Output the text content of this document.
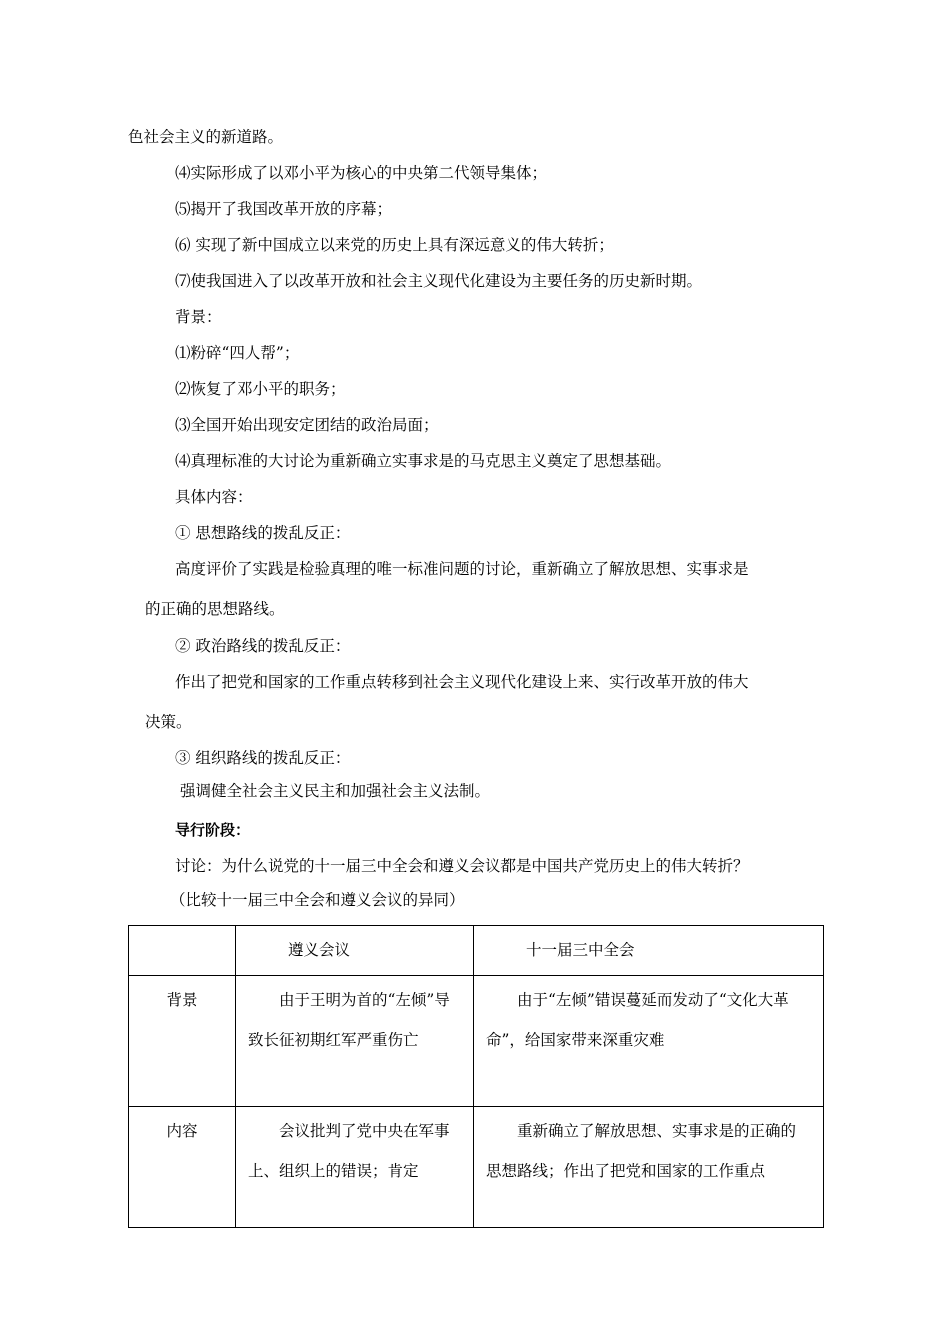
色社会主义的新道路。
⑷实际形成了以邓小平为核心的中央第二代领导集体；
⑸揭开了我国改革开放的序幕；
⑹ 实现了新中国成立以来党的历史上具有深远意义的伟大转折；
⑺使我国进入了以改革开放和社会主义现代化建设为主要任务的历史新时期。
背景：
⑴粉碎“四人帮”；
⑵恢复了邓小平的职务；
⑶全国开始出现安定团结的政治局面；
⑷真理标准的大讨论为重新确立实事求是的马克思主义奠定了思想基础。
具体内容：
① 思想路线的拨乱反正：
高度评价了实践是检验真理的唯一标准问题的讨论，重新确立了解放思想、实事求是
的正确的思想路线。
② 政治路线的拨乱反正：
作出了把党和国家的工作重点转移到社会主义现代化建设上来、实行改革开放的伟大
决策。
③ 组织路线的拨乱反正：
强调健全社会主义民主和加强社会主义法制。
导行阶段：
讨论：为什么说党的十一届三中全会和遵义会议都是中国共产党历史上的伟大转折？
（比较十一届三中全会和遵义会议的异同）

	遵义会议	十一届三中全会

背景	由于王明为首的“左倾”导致长征初期红军严重伤亡	由于“左倾”错误蔓延而发动了“文化大革命”，给国家带来深重灾难

内容	会议批判了党中央在军事上、组织上的错误；肯定	重新确立了解放思想、实事求是的正确的思想路线；作出了把党和国家的工作重点
